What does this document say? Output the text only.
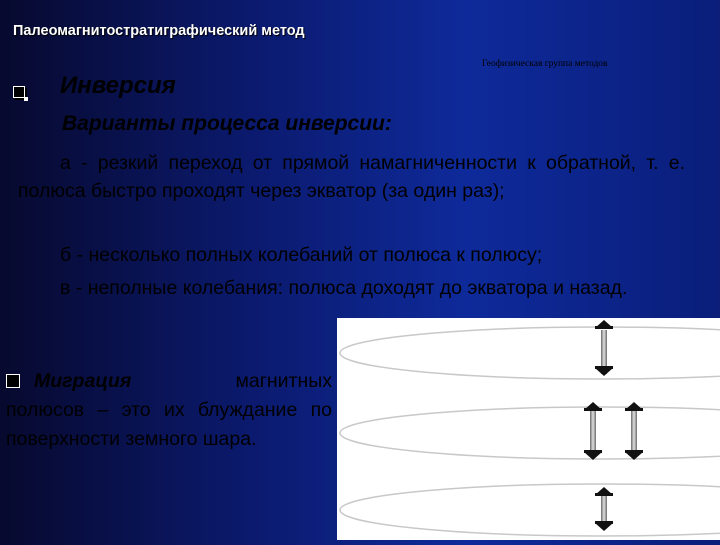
Палеомагнитостратиграфический метод
Геофизическая группа методов
Инверсия
Варианты процесса инверсии:
а - резкий переход от прямой намагниченности к обратной, т. е. полюса быстро проходят через экватор (за один раз);
б - несколько полных колебаний от полюса к полюсу;
в - неполные колебания: полюса доходят до экватора и назад.
Миграция	магнитных
полюсов – это их блуждание по поверхности земного шара.
